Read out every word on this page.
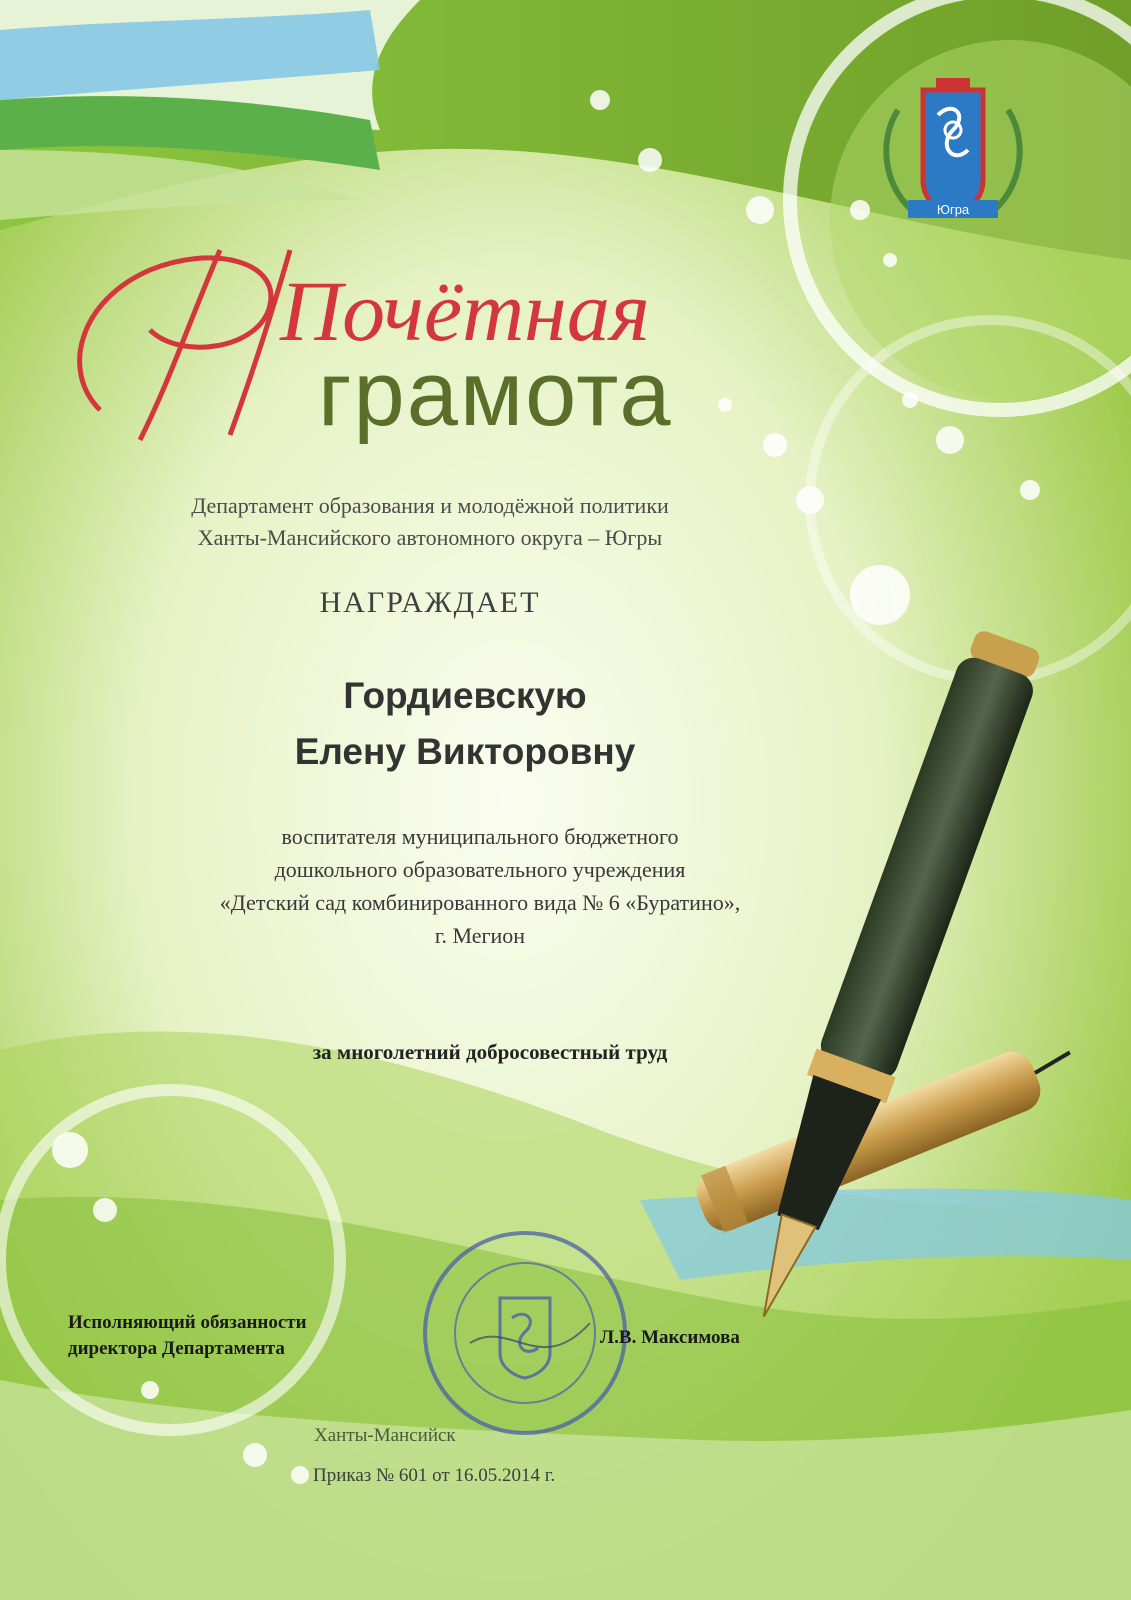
Югра
Почётная
грамота
Департамент образования и молодёжной политики
Ханты-Мансийского автономного округа – Югры
НАГРАЖДАЕТ
Гордиевскую
Елену Викторовну
воспитателя муниципального бюджетного
дошкольного образовательного учреждения
«Детский сад комбинированного вида № 6 «Буратино»,
г. Мегион
за многолетний добросовестный труд
Исполняющий обязанности
директора Департамента
Л.В. Максимова
Ханты-Мансийск
Приказ № 601 от 16.05.2014 г.
